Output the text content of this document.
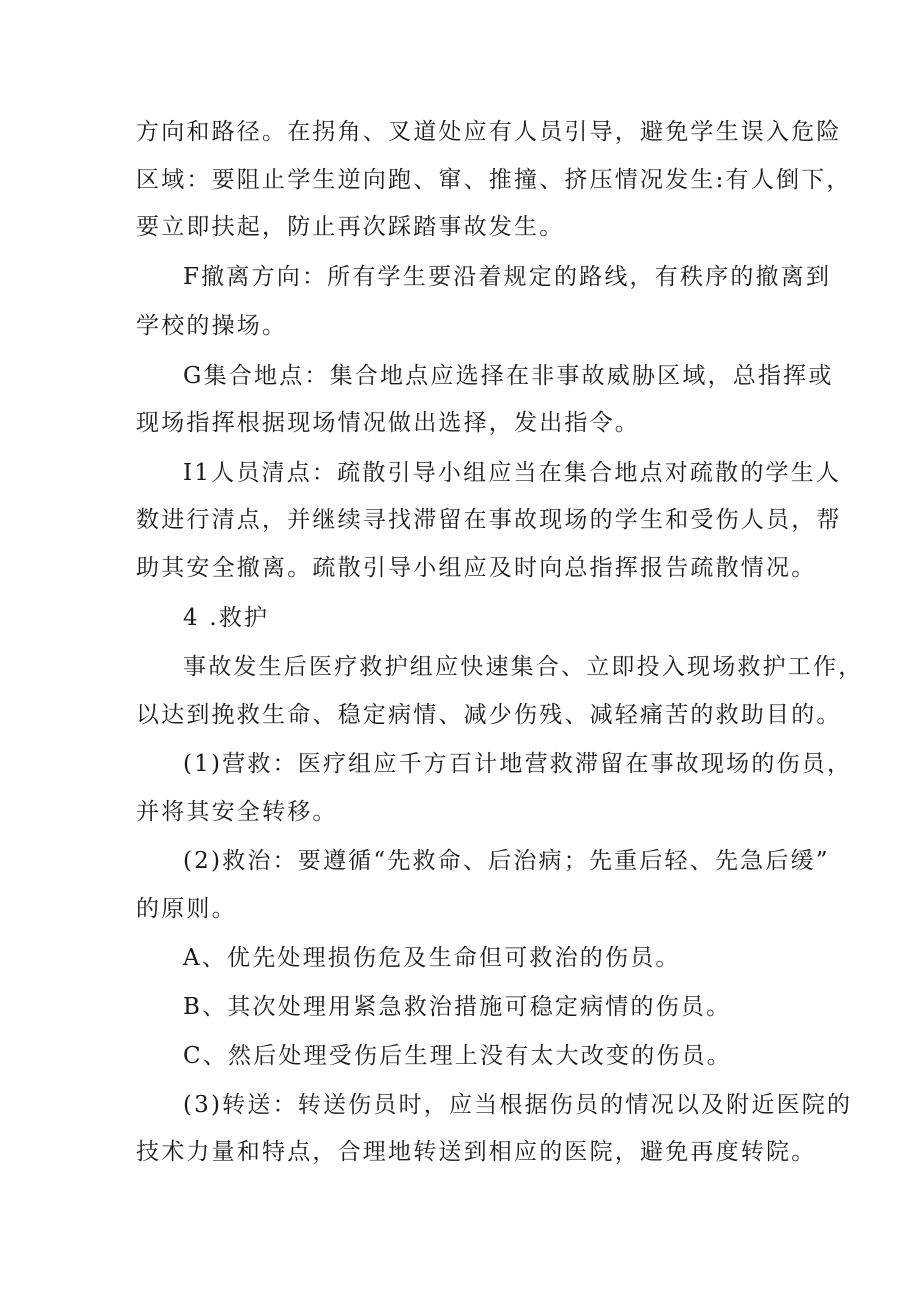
方向和路径。在拐角、叉道处应有人员引导，避免学生误入危险

区域：要阻止学生逆向跑、窜、推撞、挤压情况发生:有人倒下，

要立即扶起，防止再次踩踏事故发生。

F撤离方向：所有学生要沿着规定的路线，有秩序的撤离到

学校的操场。

G集合地点：集合地点应选择在非事故威胁区域，总指挥或

现场指挥根据现场情况做出选择，发出指令。

I1人员清点：疏散引导小组应当在集合地点对疏散的学生人

数进行清点，并继续寻找滞留在事故现场的学生和受伤人员，帮

助其安全撤离。疏散引导小组应及时向总指挥报告疏散情况。

4 .救护

事故发生后医疗救护组应快速集合、立即投入现场救护工作，

以达到挽救生命、稳定病情、减少伤残、减轻痛苦的救助目的。

(1)营救：医疗组应千方百计地营救滞留在事故现场的伤员，

并将其安全转移。

(2)救治：要遵循“先救命、后治病；先重后轻、先急后缓”

的原则。

A、优先处理损伤危及生命但可救治的伤员。

B、其次处理用紧急救治措施可稳定病情的伤员。

C、然后处理受伤后生理上没有太大改变的伤员。

(3)转送：转送伤员时，应当根据伤员的情况以及附近医院的

技术力量和特点，合理地转送到相应的医院，避免再度转院。
